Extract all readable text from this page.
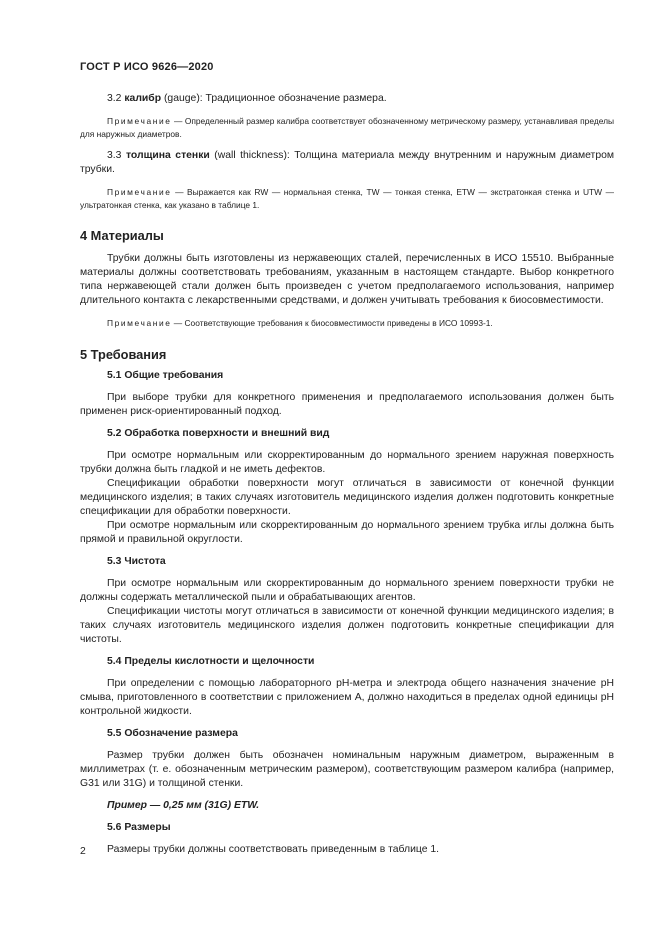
ГОСТ Р ИСО 9626—2020

3.2 калибр (gauge): Традиционное обозначение размера.

Примечание — Определенный размер калибра соответствует обозначенному метрическому размеру, устанавливая пределы для наружных диаметров.

3.3 толщина стенки (wall thickness): Толщина материала между внутренним и наружным диаметром трубки.

Примечание — Выражается как RW — нормальная стенка, TW — тонкая стенка, ETW — экстратонкая стенка и UTW — ультратонкая стенка, как указано в таблице 1.

4 Материалы

Трубки должны быть изготовлены из нержавеющих сталей, перечисленных в ИСО 15510. Выбранные материалы должны соответствовать требованиям, указанным в настоящем стандарте. Выбор конкретного типа нержавеющей стали должен быть произведен с учетом предполагаемого использования, например длительного контакта с лекарственными средствами, и должен учитывать требования к биосовместимости.

Примечание — Соответствующие требования к биосовместимости приведены в ИСО 10993-1.

5 Требования
5.1 Общие требования

При выборе трубки для конкретного применения и предполагаемого использования должен быть применен риск-ориентированный подход.

5.2 Обработка поверхности и внешний вид

При осмотре нормальным или скорректированным до нормального зрением наружная поверхность трубки должна быть гладкой и не иметь дефектов.

Спецификации обработки поверхности могут отличаться в зависимости от конечной функции медицинского изделия; в таких случаях изготовитель медицинского изделия должен подготовить конкретные спецификации для обработки поверхности.

При осмотре нормальным или скорректированным до нормального зрением трубка иглы должна быть прямой и правильной округлости.

5.3 Чистота

При осмотре нормальным или скорректированным до нормального зрением поверхности трубки не должны содержать металлической пыли и обрабатывающих агентов.

Спецификации чистоты могут отличаться в зависимости от конечной функции медицинского изделия; в таких случаях изготовитель медицинского изделия должен подготовить конкретные спецификации для чистоты.

5.4 Пределы кислотности и щелочности

При определении с помощью лабораторного pH-метра и электрода общего назначения значение pH смыва, приготовленного в соответствии с приложением А, должно находиться в пределах одной единицы pH контрольной жидкости.

5.5 Обозначение размера

Размер трубки должен быть обозначен номинальным наружным диаметром, выраженным в миллиметрах (т. е. обозначенным метрическим размером), соответствующим размером калибра (например, G31 или 31G) и толщиной стенки.

Пример — 0,25 мм (31G) ETW.

5.6 Размеры

Размеры трубки должны соответствовать приведенным в таблице 1.

2
